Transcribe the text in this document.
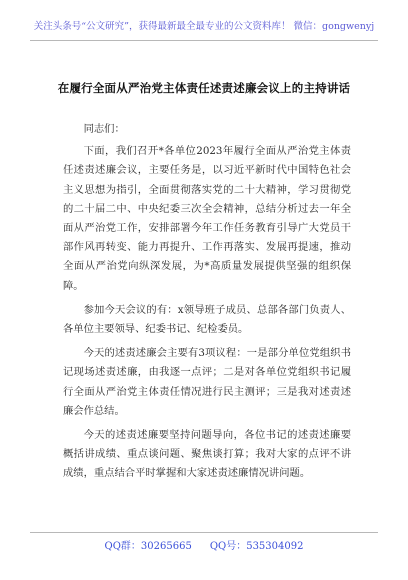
关注头条号“公文研究”，获得最新最全最专业的公文资料库！ 微信：gongwenyj
在履行全面从严治党主体责任述责述廉会议上的主持讲话

同志们：

下面，我们召开*各单位2023年履行全面从严治党主体责任述责述廉会议，主要任务是，以习近平新时代中国特色社会主义思想为指引，全面贯彻落实党的二十大精神，学习贯彻党的二十届二中、中央纪委三次全会精神，总结分析过去一年全面从严治党工作，安排部署今年工作任务教育引导广大党员干部作风再转变、能力再提升、工作再落实、发展再提速，推动全面从严治党向纵深发展，为*高质量发展提供坚强的组织保障。

参加今天会议的有：x领导班子成员、总部各部门负责人、各单位主要领导、纪委书记、纪检委员。

今天的述责述廉会主要有3项议程：一是部分单位党组织书记现场述责述廉，由我逐一点评；二是对各单位党组织书记履行全面从严治党主体责任情况进行民主测评；三是我对述责述廉会作总结。

今天的述责述廉要坚持问题导向，各位书记的述责述廉要概括讲成绩、重点谈问题、聚焦谈打算；我对大家的点评不讲成绩，重点结合平时掌握和大家述责述廉情况讲问题。

QQ群：30265665 QQ号：535304092
